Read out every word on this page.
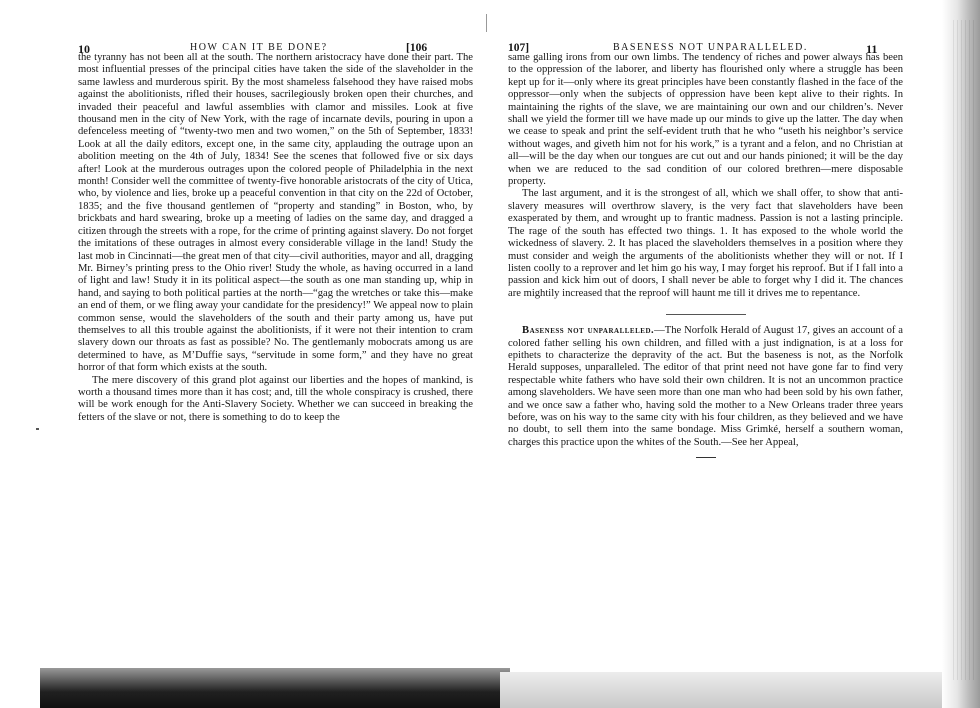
10	HOW CAN IT BE DONE?	[106

the tyranny has not been all at the south. The northern aristocracy have done their part. The most influential presses of the principal cities have taken the side of the slaveholder in the same lawless and murderous spirit. By the most shameless falsehood they have raised mobs against the abolitionists, rifled their houses, sacrilegiously broken open their churches, and invaded their peaceful and lawful assemblies with clamor and missiles. Look at five thousand men in the city of New York, with the rage of incarnate devils, pouring in upon a defenceless meeting of “twenty-two men and two women,” on the 5th of September, 1833! Look at all the daily editors, except one, in the same city, applauding the outrage upon an abolition meeting on the 4th of July, 1834! See the scenes that followed five or six days after! Look at the murderous outrages upon the colored people of Philadelphia in the next month! Consider well the committee of twenty-five honorable aristocrats of the city of Utica, who, by violence and lies, broke up a peaceful convention in that city on the 22d of October, 1835; and the five thousand gentlemen of “property and standing” in Boston, who, by brickbats and hard swearing, broke up a meeting of ladies on the same day, and dragged a citizen through the streets with a rope, for the crime of printing against slavery. Do not forget the imitations of these outrages in almost every considerable village in the land! Study the last mob in Cincinnati—the great men of that city—civil authorities, mayor and all, dragging Mr. Birney’s printing press to the Ohio river! Study the whole, as having occurred in a land of light and law! Study it in its political aspect—the south as one man standing up, whip in hand, and saying to both political parties at the north—“gag the wretches or take this—make an end of them, or we fling away your candidate for the presidency!” We appeal now to plain common sense, would the slaveholders of the south and their party among us, have put themselves to all this trouble against the abolitionists, if it were not their intention to cram slavery down our throats as fast as possible? No. The gentlemanly mobocrats among us are determined to have, as M’Duffie says, “servitude in some form,” and they have no great horror of that form which exists at the south.

The mere discovery of this grand plot against our liberties and the hopes of mankind, is worth a thousand times more than it has cost; and, till the whole conspiracy is crushed, there will be work enough for the Anti-Slavery Society. Whether we can succeed in breaking the fetters of the slave or not, there is something to do to keep the

107]	BASENESS NOT UNPARALLELED.	11

same galling irons from our own limbs. The tendency of riches and power always has been to the oppression of the laborer, and liberty has flourished only where a struggle has been kept up for it—only where its great principles have been constantly flashed in the face of the oppressor—only when the subjects of oppression have been kept alive to their rights. In maintaining the rights of the slave, we are maintaining our own and our children’s. Never shall we yield the former till we have made up our minds to give up the latter. The day when we cease to speak and print the self-evident truth that he who “useth his neighbor’s service without wages, and giveth him not for his work,” is a tyrant and a felon, and no Christian at all—will be the day when our tongues are cut out and our hands pinioned; it will be the day when we are reduced to the sad condition of our colored brethren—mere disposable property.

The last argument, and it is the strongest of all, which we shall offer, to show that anti-slavery measures will overthrow slavery, is the very fact that slaveholders have been exasperated by them, and wrought up to frantic madness. Passion is not a lasting principle. The rage of the south has effected two things. 1. It has exposed to the whole world the wickedness of slavery. 2. It has placed the slaveholders themselves in a position where they must consider and weigh the arguments of the abolitionists whether they will or not. If I listen coolly to a reprover and let him go his way, I may forget his reproof. But if I fall into a passion and kick him out of doors, I shall never be able to forget why I did it. The chances are mightily increased that the reproof will haunt me till it drives me to repentance.

Baseness not unparalleled.—The Norfolk Herald of August 17, gives an account of a colored father selling his own children, and filled with a just indignation, is at a loss for epithets to characterize the depravity of the act. But the baseness is not, as the Norfolk Herald supposes, unparalleled. The editor of that print need not have gone far to find very respectable white fathers who have sold their own children. It is not an uncommon practice among slaveholders. We have seen more than one man who had been sold by his own father, and we once saw a father who, having sold the mother to a New Orleans trader three years before, was on his way to the same city with his four children, as they believed and we have no doubt, to sell them into the same bondage. Miss Grimké, herself a southern woman, charges this practice upon the whites of the South.—See her Appeal,
